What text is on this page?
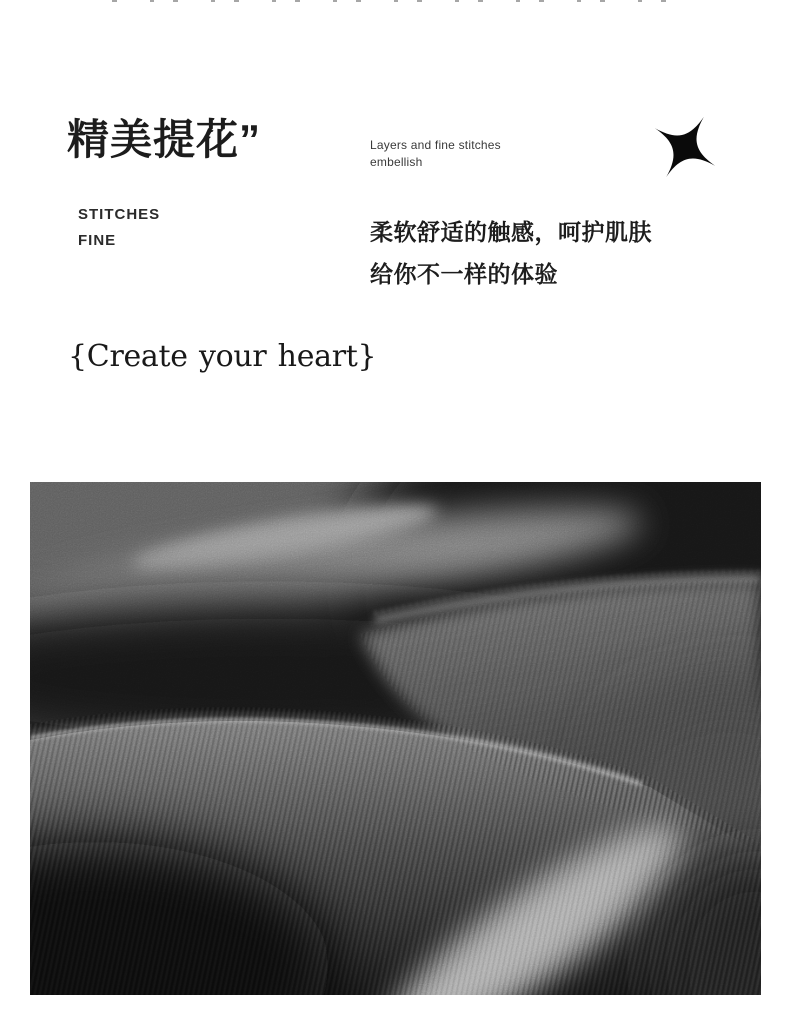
精美提花”
STITCHES
FINE
Layers and fine stitches
embellish
柔软舒适的触感，呵护肌肤
给你不一样的体验
{Create your heart}
